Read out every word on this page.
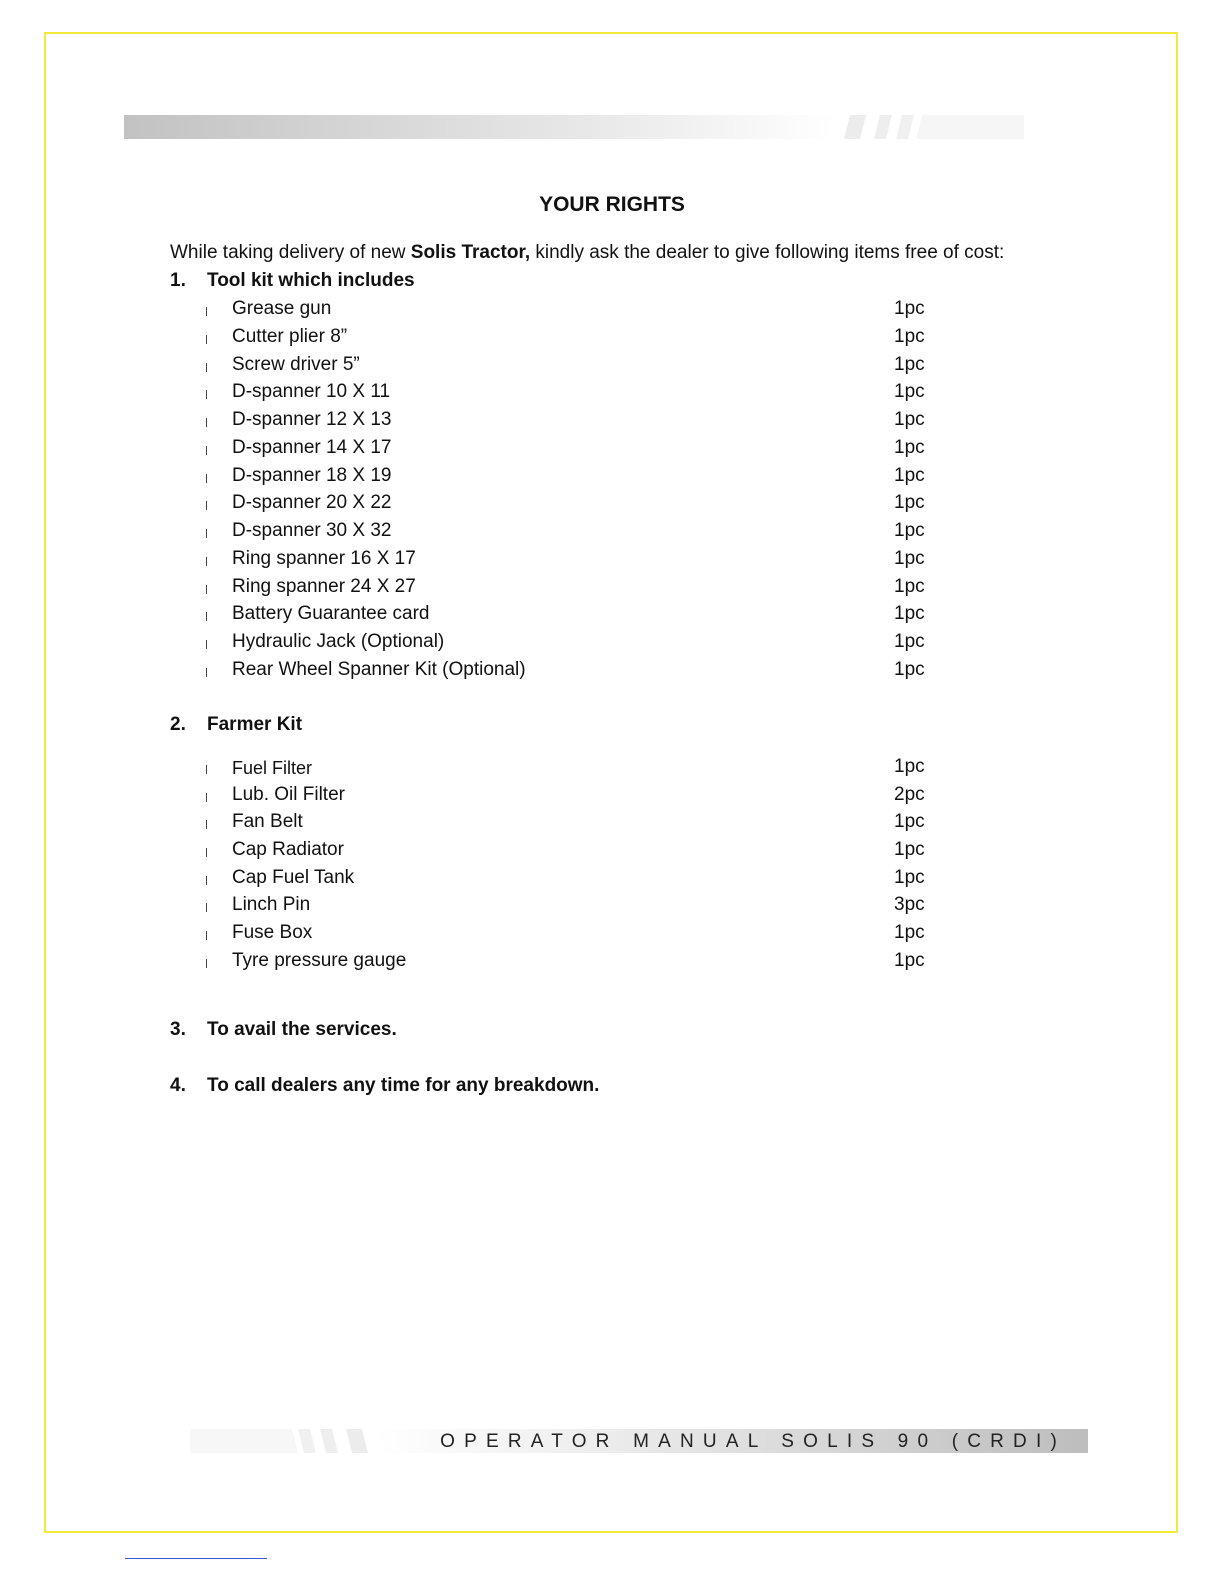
YOUR RIGHTS
While taking delivery of new Solis Tractor, kindly ask the dealer to give following items free of cost:
1. Tool kit which includes
Grease gun	1pc
Cutter plier 8”	1pc
Screw driver 5”	1pc
D-spanner 10 X 11	1pc
D-spanner 12 X 13	1pc
D-spanner 14 X 17	1pc
D-spanner 18 X 19	1pc
D-spanner 20 X 22	1pc
D-spanner 30 X 32	1pc
Ring spanner 16 X 17	1pc
Ring spanner 24 X 27	1pc
Battery Guarantee card	1pc
Hydraulic Jack (Optional)	1pc
Rear Wheel Spanner Kit (Optional)	1pc
2. Farmer Kit
Fuel Filter	1pc
Lub. Oil Filter	2pc
Fan Belt	1pc
Cap Radiator	1pc
Cap Fuel Tank	1pc
Linch Pin	3pc
Fuse Box	1pc
Tyre pressure gauge	1pc
3. To avail the services.
4. To call dealers any time for any breakdown.
OPERATOR MANUAL SOLIS 90 (CRDI)
